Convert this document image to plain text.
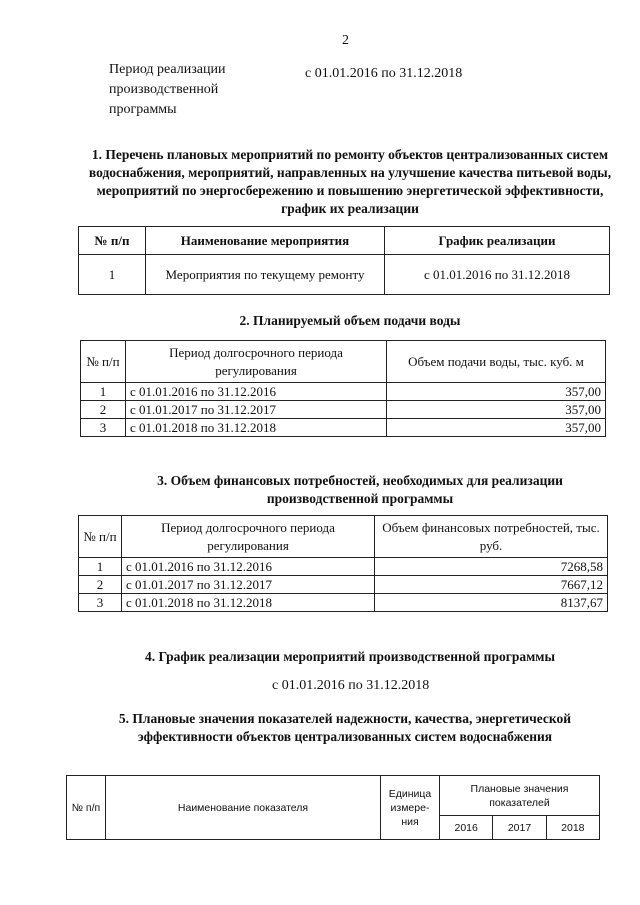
2
Период реализации производственной программы
с 01.01.2016 по 31.12.2018
1. Перечень плановых мероприятий по ремонту объектов централизованных систем водоснабжения, мероприятий, направленных на улучшение качества питьевой воды, мероприятий по энергосбережению и повышению энергетической эффективности, график их реализации
№ п/п	Наименование мероприятия	График реализации
1	Мероприятия по текущему ремонту	с 01.01.2016 по 31.12.2018
2. Планируемый объем подачи воды
№ п/п	Период долгосрочного периода регулирования	Объем подачи воды, тыс. куб. м
1	с 01.01.2016 по 31.12.2016	357,00
2	с 01.01.2017 по 31.12.2017	357,00
3	с 01.01.2018 по 31.12.2018	357,00
3. Объем финансовых потребностей, необходимых для реализации производственной программы
№ п/п	Период долгосрочного периода регулирования	Объем финансовых потребностей, тыс. руб.
1	с 01.01.2016 по 31.12.2016	7268,58
2	с 01.01.2017 по 31.12.2017	7667,12
3	с 01.01.2018 по 31.12.2018	8137,67
4. График реализации мероприятий производственной программы
с 01.01.2016 по 31.12.2018
5. Плановые значения показателей надежности, качества, энергетической эффективности объектов централизованных систем водоснабжения
№ п/п	Наименование показателя	Единица измере-ния	Плановые значения показателей		
			2016	2017	2018
